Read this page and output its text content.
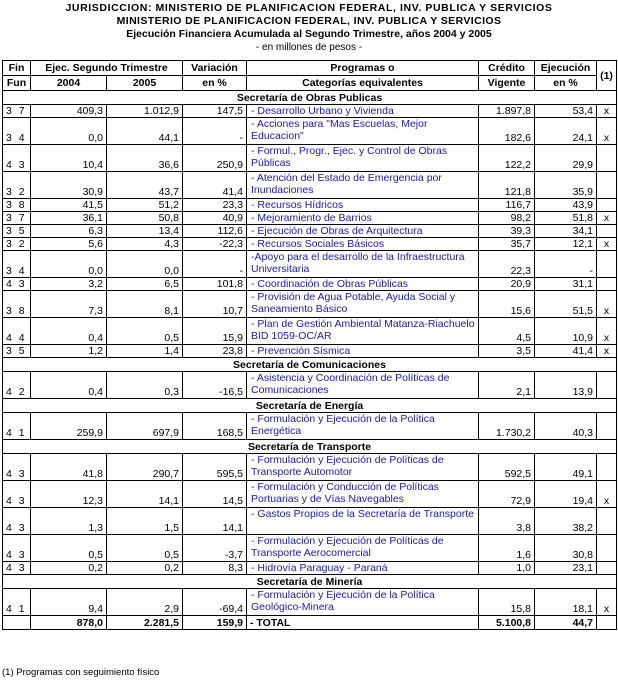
JURISDICCION: MINISTERIO DE PLANIFICACION FEDERAL, INV. PUBLICA Y SERVICIOS
MINISTERIO DE PLANIFICACION FEDERAL, INV. PUBLICA Y SERVICIOS
Ejecución Financiera Acumulada al Segundo Trimestre, años 2004 y 2005
- en millones de pesos -
Fin	Ejec. Segundo Trimestre		Variación	Programas o	Crédito	Ejecución	(1)
Fun	2004	2005	en %	Categorías equivalentes	Vigente	en %	
Secretaría de Obras Publicas							
3 7	409,3	1.012,9	147,5	- Desarrollo Urbano y Vivienda	1.897,8	53,4	x
3 4	0,0	44,1	-	- Acciones para "Mas Escuelas, Mejor Educacion"	182,6	24,1	x
4 3	10,4	36,6	250,9	- Formul., Progr., Ejec. y Control de Obras Públicas	122,2	29,9	
3 2	30,9	43,7	41,4	- Atención del Estado de Emergencia por Inundaciones	121,8	35,9	
3 8	41,5	51,2	23,3	- Recursos Hídricos	116,7	43,9	
3 7	36,1	50,8	40,9	- Mejoramiento de Barrios	98,2	51,8	x
3 5	6,3	13,4	112,6	- Ejecución de Obras de Arquitectura	39,3	34,1	
3 2	5,6	4,3	-22,3	- Recursos Sociales Básicos	35,7	12,1	x
3 4	0,0	0,0	-	-Apoyo para el desarrollo de la Infraestructura Universitaria	22,3	-	
4 3	3,2	6,5	101,8	- Coordinación de Obras Públicas	20,9	31,1	
3 8	7,3	8,1	10,7	- Provisión de Agua Potable, Ayuda Social y Saneamiento Básico	15,6	51,5	x
4 4	0,4	0,5	15,9	- Plan de Gestión Ambiental Matanza-Riachuelo BID 1059-OC/AR	4,5	10,9	x
3 5	1,2	1,4	23,8	- Prevención Sísmica	3,5	41,4	x
Secretaría de Comunicaciones							
4 2	0,4	0,3	-16,5	- Asistencia y Coordinación de Políticas de Comunicaciones	2,1	13,9	
Secretaría de Energía							
4 1	259,9	697,9	168,5	- Formulación y Ejecución de la Política Energética	1.730,2	40,3	
Secretaría de Transporte							
4 3	41,8	290,7	595,5	- Formulación y Ejecución de Políticas de Transporte Automotor	592,5	49,1	
4 3	12,3	14,1	14,5	- Formulación y Conducción de Políticas Portuarias y de Vías Navegables	72,9	19,4	x
4 3	1,3	1,5	14,1	- Gastos Propios de la Secretaría de Transporte	3,8	38,2	
4 3	0,5	0,5	-3,7	- Formulación y Ejecución de Políticas de Transporte Aerocomercial	1,6	30,8	
4 3	0,2	0,2	8,3	- Hidrovía Paraguay - Paraná	1,0	23,1	
Secretaría de Minería							
4 1	9,4	2,9	-69,4	- Formulación y Ejecución de la Política Geológico-Minera	15,8	18,1	x
	878,0	2.281,5	159,9	- TOTAL	5.100,8	44,7	
(1) Programas con seguimiento físico
